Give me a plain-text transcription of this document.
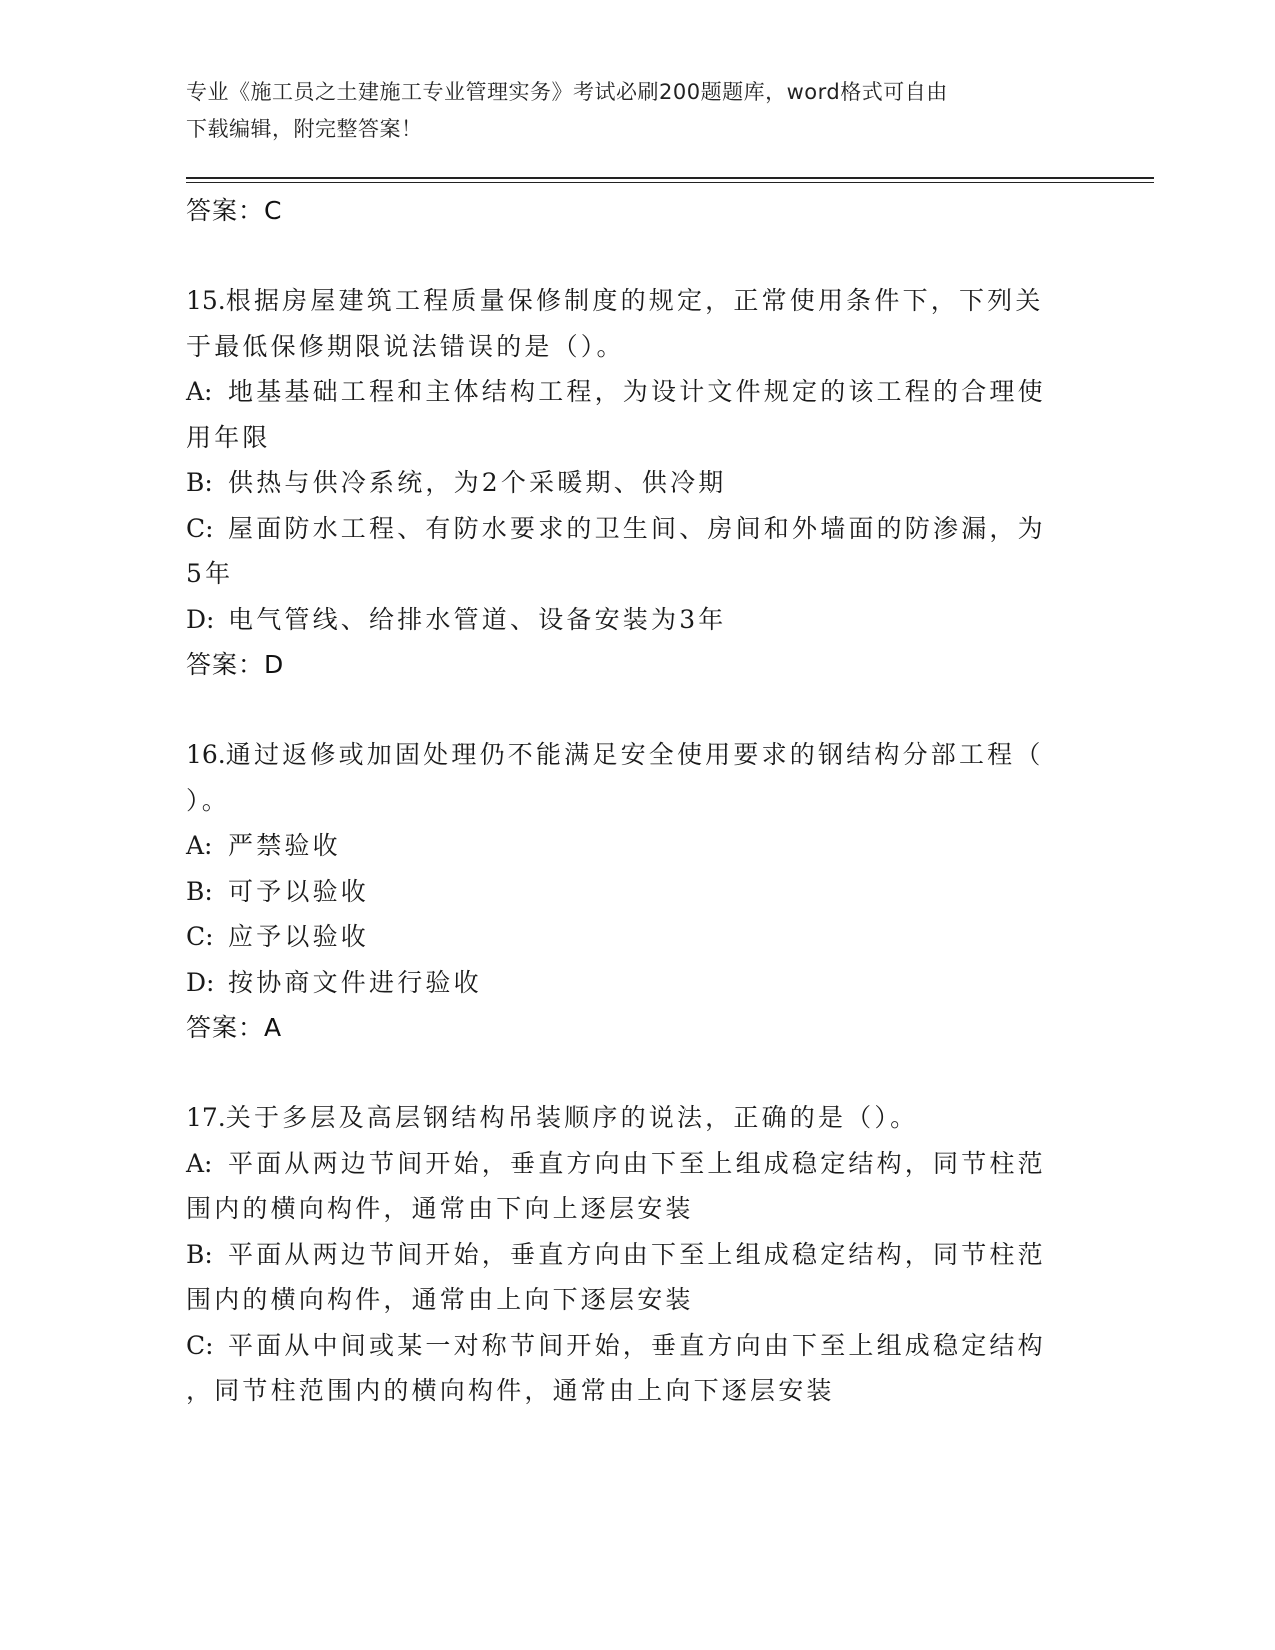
专业《施工员之土建施工专业管理实务》考试必刷200题题库，word格式可自由
下载编辑，附完整答案！
答案：C
15.根据房屋建筑工程质量保修制度的规定，正常使用条件下，下列关
于最低保修期限说法错误的是（）。
A: 地基基础工程和主体结构工程，为设计文件规定的该工程的合理使
用年限
B: 供热与供冷系统，为2个采暖期、供冷期
C: 屋面防水工程、有防水要求的卫生间、房间和外墙面的防渗漏，为
5年
D: 电气管线、给排水管道、设备安装为3年
答案：D
16.通过返修或加固处理仍不能满足安全使用要求的钢结构分部工程（
）。
A: 严禁验收
B: 可予以验收
C: 应予以验收
D: 按协商文件进行验收
答案：A
17.关于多层及高层钢结构吊装顺序的说法，正确的是（）。
A: 平面从两边节间开始，垂直方向由下至上组成稳定结构，同节柱范
围内的横向构件，通常由下向上逐层安装
B: 平面从两边节间开始，垂直方向由下至上组成稳定结构，同节柱范
围内的横向构件，通常由上向下逐层安装
C: 平面从中间或某一对称节间开始，垂直方向由下至上组成稳定结构
，同节柱范围内的横向构件，通常由上向下逐层安装
